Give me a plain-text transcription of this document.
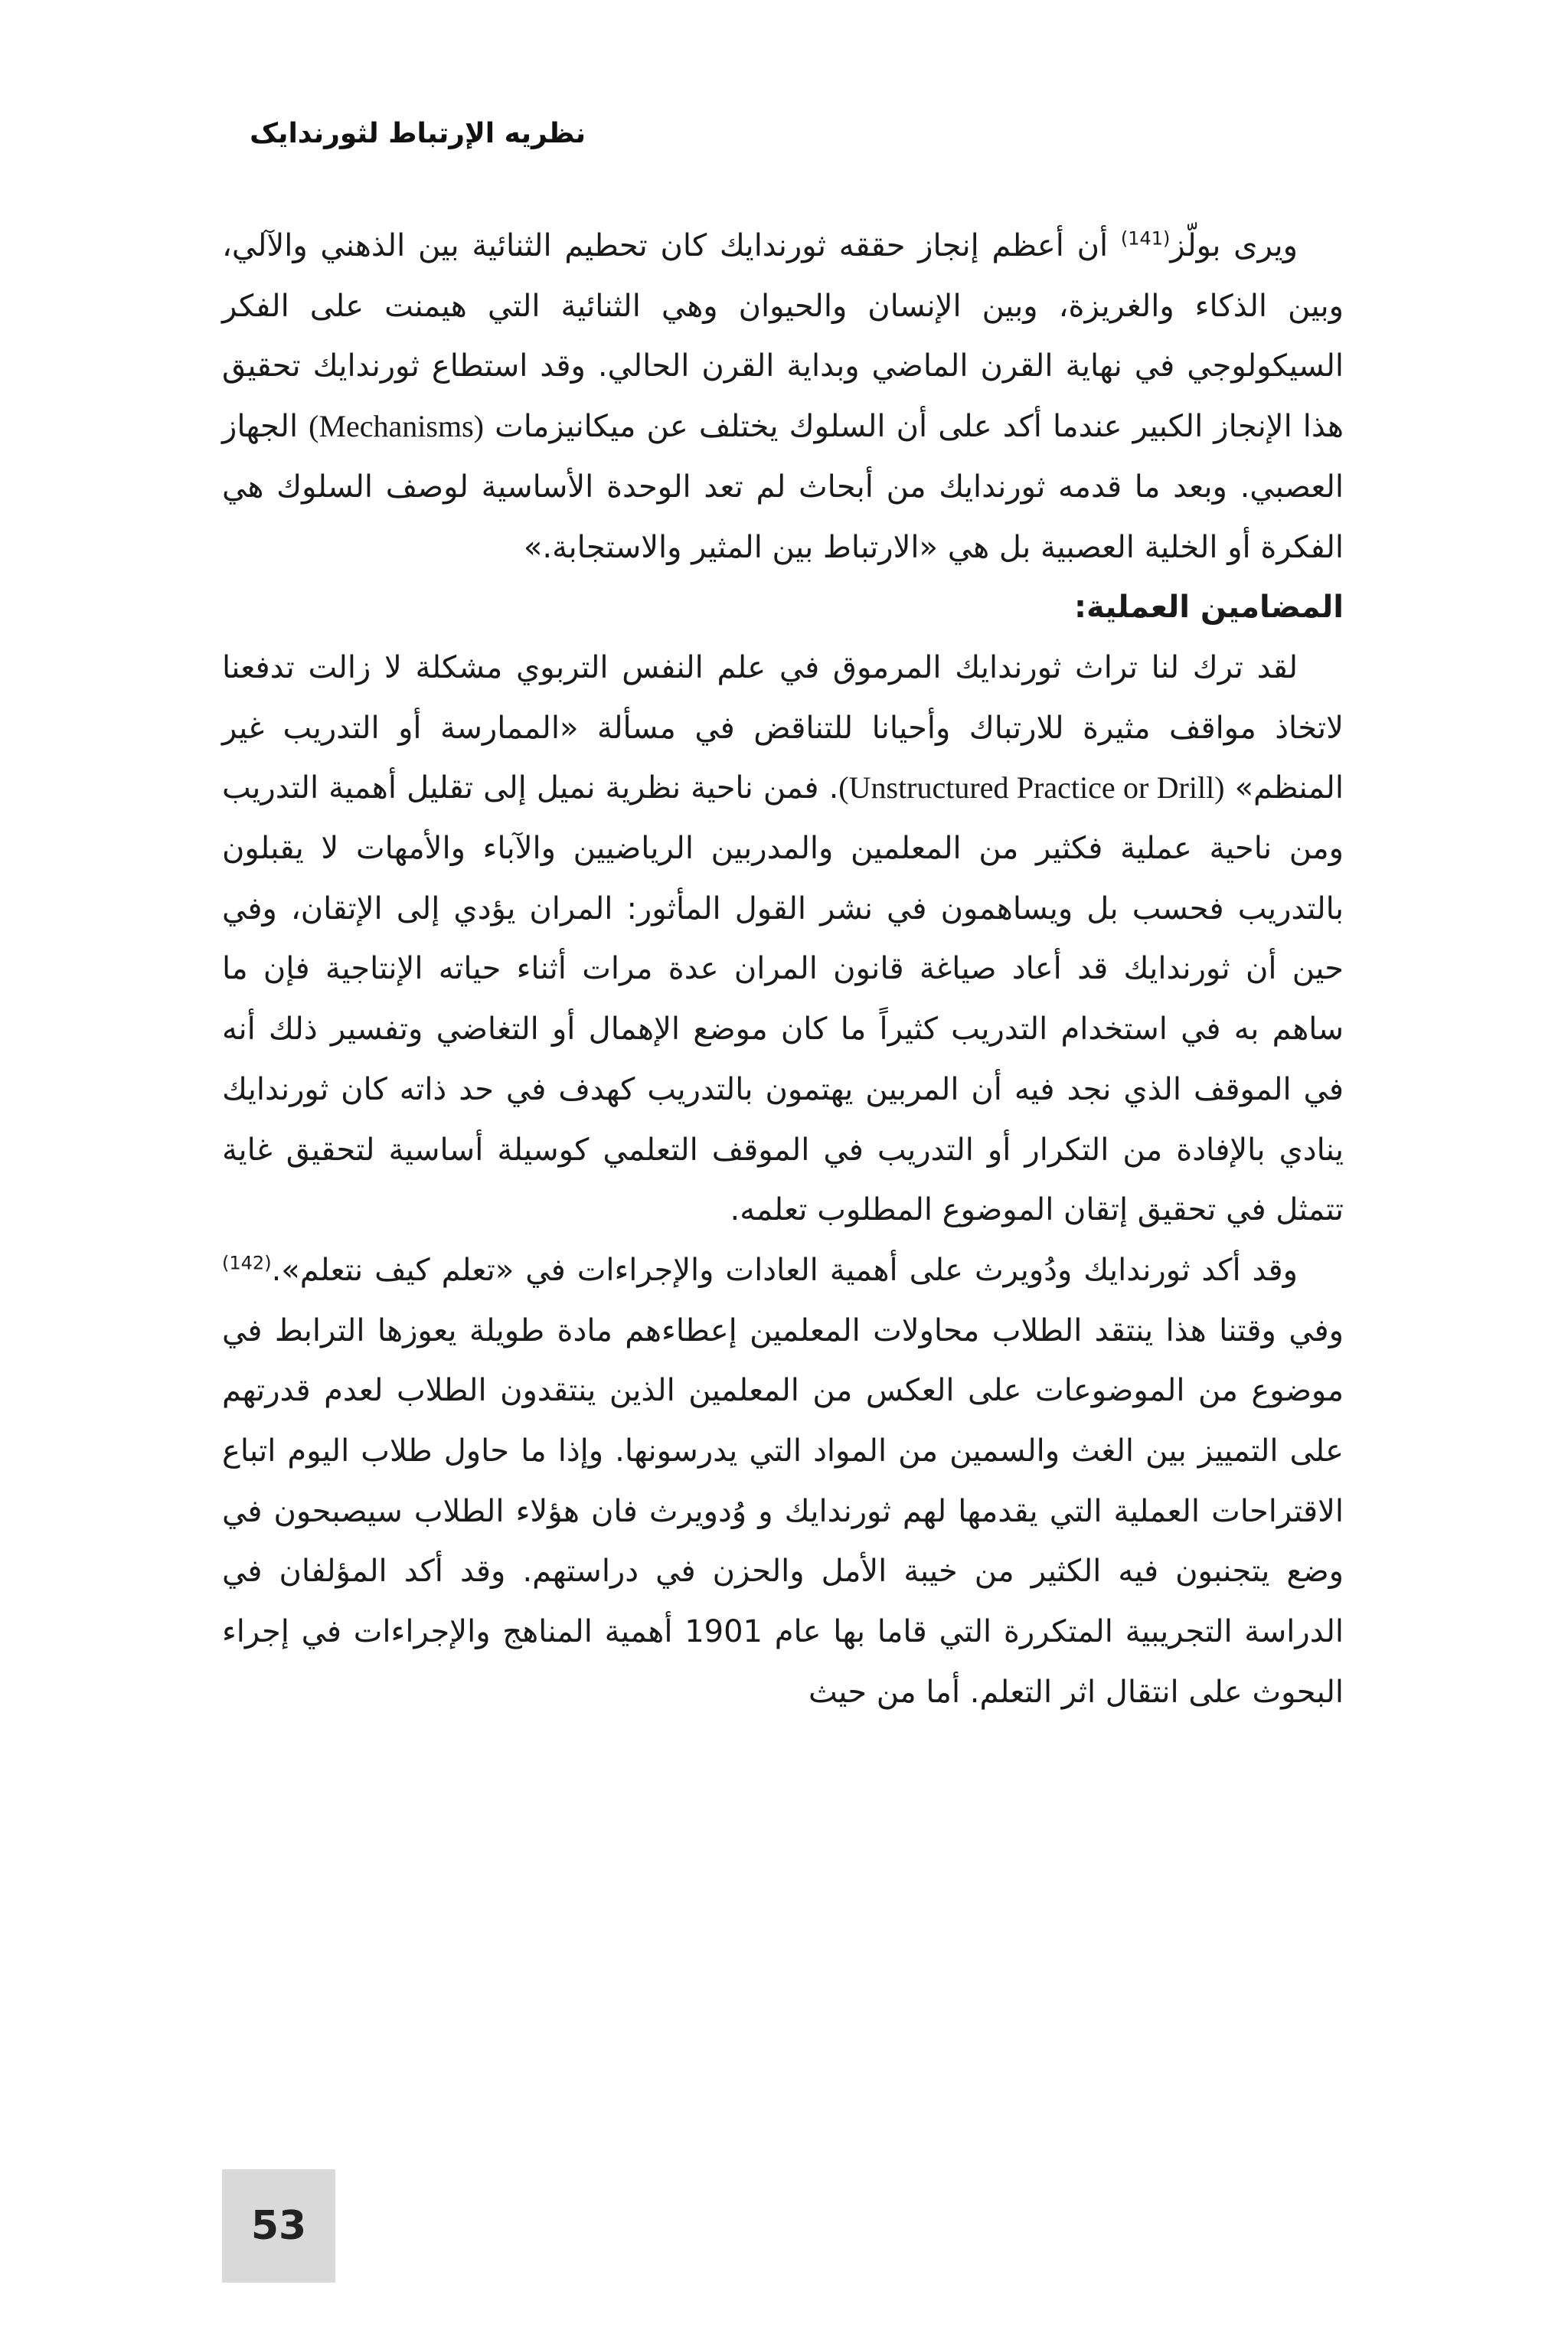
نظريه الإرتباط لثورندايک

ويرى بولّز$^{(141)}$ أن أعظم إنجاز حققه ثورندايك كان تحطيم الثنائية بين الذهني والآلي، وبين الذكاء والغريزة، وبين الإنسان والحيوان وهي الثنائية التي هيمنت على الفكر السيكولوجي في نهاية القرن الماضي وبداية القرن الحالي. وقد استطاع ثورندايك تحقيق هذا الإنجاز الكبير عندما أكد على أن السلوك يختلف عن ميكانيزمات (Mechanisms) الجهاز العصبي. وبعد ما قدمه ثورندايك من أبحاث لم تعد الوحدة الأساسية لوصف السلوك هي الفكرة أو الخلية العصبية بل هي «الارتباط بين المثير والاستجابة.»

المضامين العملية:

لقد ترك لنا تراث ثورندايك المرموق في علم النفس التربوي مشكلة لا زالت تدفعنا لاتخاذ مواقف مثيرة للارتباك وأحيانا للتناقض في مسألة «الممارسة أو التدريب غير المنظم» (Unstructured Practice or Drill). فمن ناحية نظرية نميل إلى تقليل أهمية التدريب ومن ناحية عملية فكثير من المعلمين والمدربين الرياضيين والآباء والأمهات لا يقبلون بالتدريب فحسب بل ويساهمون في نشر القول المأثور: المران يؤدي إلى الإتقان، وفي حين أن ثورندايك قد أعاد صياغة قانون المران عدة مرات أثناء حياته الإنتاجية فإن ما ساهم به في استخدام التدريب كثيراً ما كان موضع الإهمال أو التغاضي وتفسير ذلك أنه في الموقف الذي نجد فيه أن المربين يهتمون بالتدريب كهدف في حد ذاته كان ثورندايك ينادي بالإفادة من التكرار أو التدريب في الموقف التعلمي كوسيلة أساسية لتحقيق غاية تتمثل في تحقيق إتقان الموضوع المطلوب تعلمه.

وقد أكد ثورندايك ودُويرث على أهمية العادات والإجراءات في «تعلم كيف نتعلم».$^{(142)}$ وفي وقتنا هذا ينتقد الطلاب محاولات المعلمين إعطاءهم مادة طويلة يعوزها الترابط في موضوع من الموضوعات على العكس من المعلمين الذين ينتقدون الطلاب لعدم قدرتهم على التمييز بين الغث والسمين من المواد التي يدرسونها. وإذا ما حاول طلاب اليوم اتباع الاقتراحات العملية التي يقدمها لهم ثورندايك و وُدويرث فان هؤلاء الطلاب سيصبحون في وضع يتجنبون فيه الكثير من خيبة الأمل والحزن في دراستهم. وقد أكد المؤلفان في الدراسة التجريبية المتكررة التي قاما بها عام 1901 أهمية المناهج والإجراءات في إجراء البحوث على انتقال اثر التعلم. أما من حيث

53
